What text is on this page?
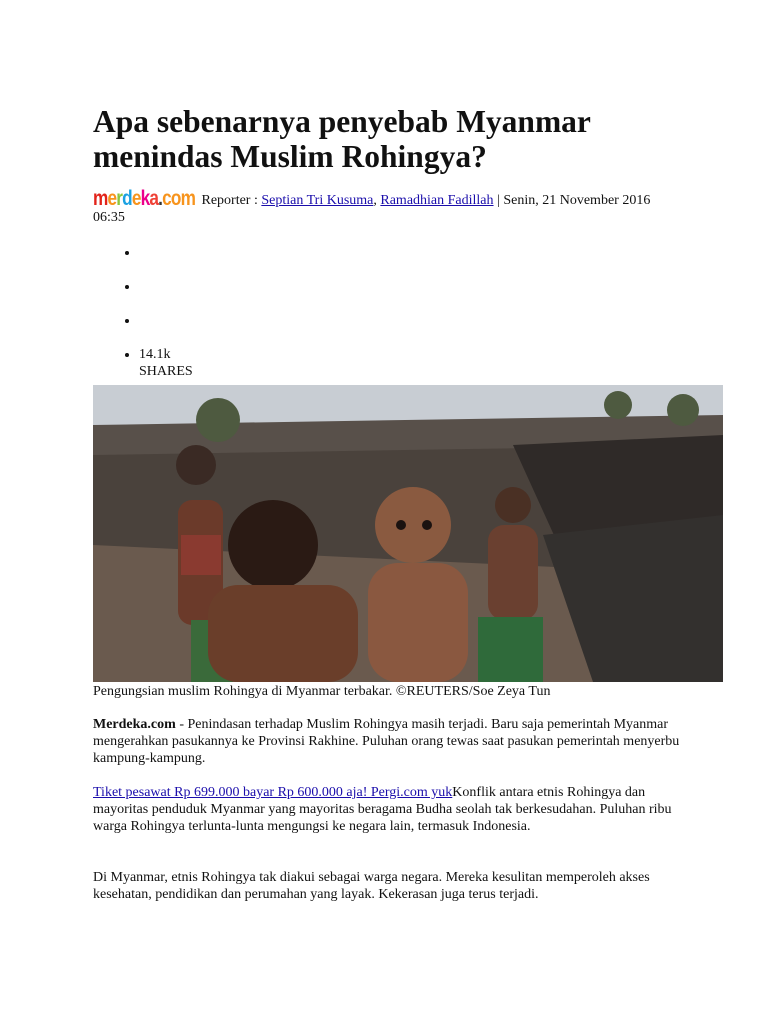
Apa sebenarnya penyebab Myanmar menindas Muslim Rohingya?
merdeka.com Reporter : Septian Tri Kusuma, Ramadhian Fadillah | Senin, 21 November 2016 06:35
•
•
•
• 14.1k
SHARES
Pengungsian muslim Rohingya di Myanmar terbakar. ©REUTERS/Soe Zeya Tun

Merdeka.com - Penindasan terhadap Muslim Rohingya masih terjadi. Baru saja pemerintah Myanmar mengerahkan pasukannya ke Provinsi Rakhine. Puluhan orang tewas saat pasukan pemerintah menyerbu kampung-kampung.

Tiket pesawat Rp 699.000 bayar Rp 600.000 aja! Pergi.com yukKonflik antara etnis Rohingya dan mayoritas penduduk Myanmar yang mayoritas beragama Budha seolah tak berkesudahan. Puluhan ribu warga Rohingya terlunta-lunta mengungsi ke negara lain, termasuk Indonesia.

Di Myanmar, etnis Rohingya tak diakui sebagai warga negara. Mereka kesulitan memperoleh akses kesehatan, pendidikan dan perumahan yang layak. Kekerasan juga terus terjadi.
